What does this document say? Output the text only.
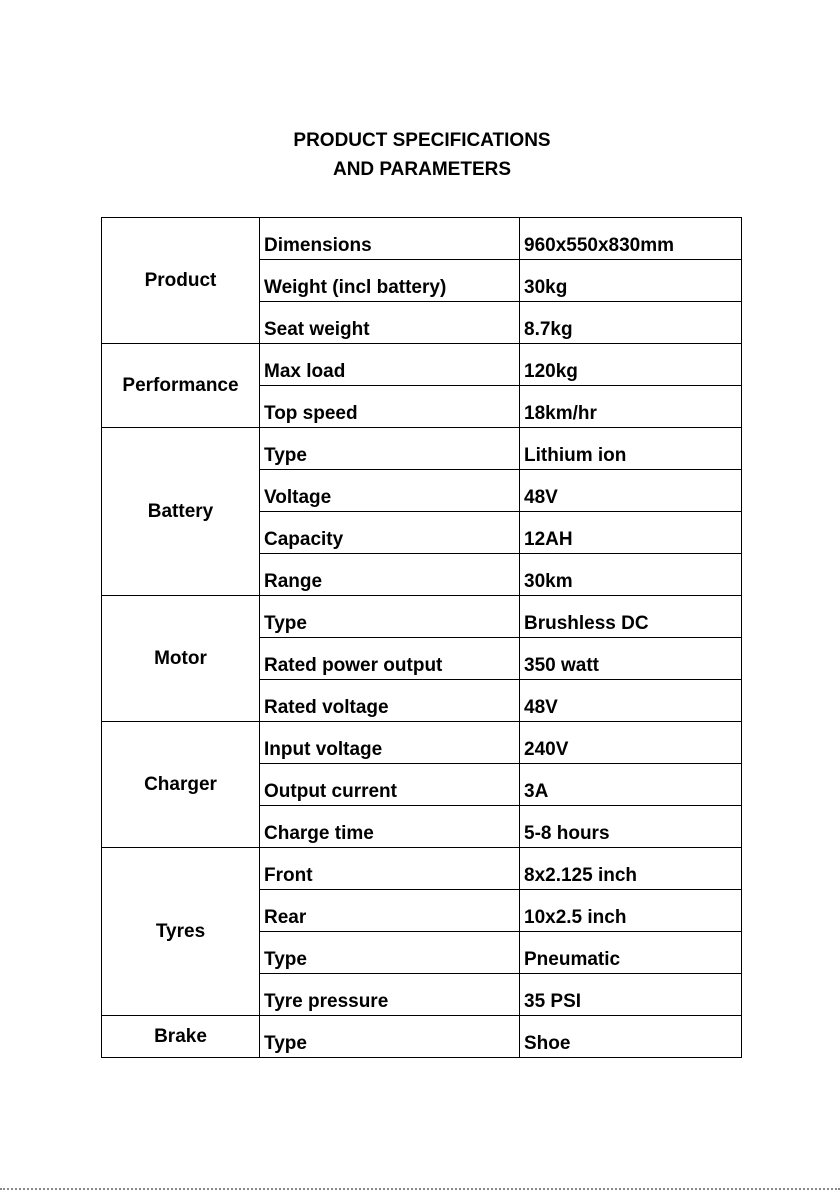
PRODUCT SPECIFICATIONS
AND PARAMETERS
Product	Dimensions	960x550x830mm
	Weight (incl battery)	30kg
	Seat weight	8.7kg
Performance	Max load	120kg
	Top speed	18km/hr
Battery	Type	Lithium ion
	Voltage	48V
	Capacity	12AH
	Range	30km
Motor	Type	Brushless DC
	Rated power output	350 watt
	Rated voltage	48V
Charger	Input voltage	240V
	Output current	3A
	Charge time	5-8 hours
Tyres	Front	8x2.125 inch
	Rear	10x2.5 inch
	Type	Pneumatic
	Tyre pressure	35 PSI
Brake	Type	Shoe
